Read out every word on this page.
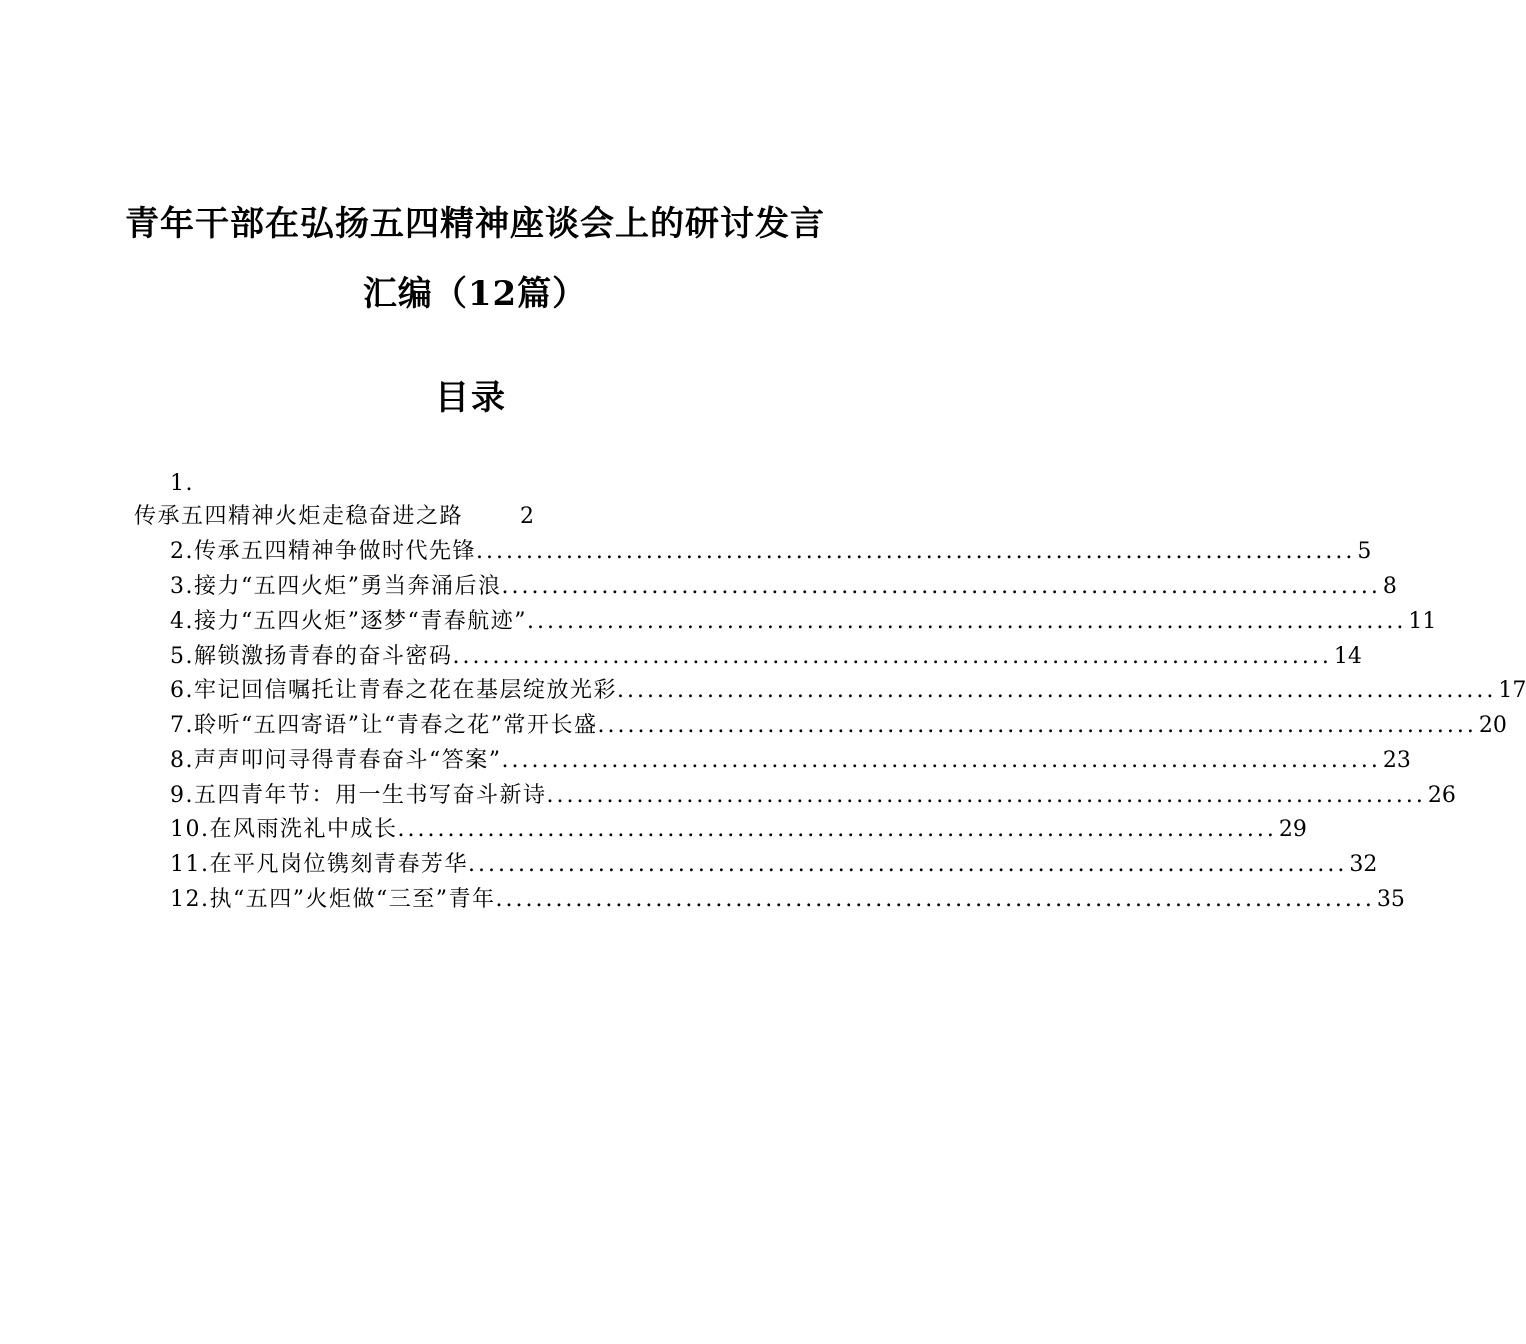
青年干部在弘扬五四精神座谈会上的研讨发言
汇编（12篇）
目录
1.
传承五四精神火炬走稳奋进之路	2
2.传承五四精神争做时代先锋 ........................................................................................ 5
3.接力“五四火炬”勇当奔涌后浪 ........................................................................................ 8
4.接力“五四火炬”逐梦“青春航迹” ........................................................................................ 11
5.解锁激扬青春的奋斗密码 ........................................................................................ 14
6.牢记回信嘱托让青春之花在基层绽放光彩 ........................................................................................ 17
7.聆听“五四寄语”让“青春之花”常开长盛 ........................................................................................ 20
8.声声叩问寻得青春奋斗“答案” ........................................................................................ 23
9.五四青年节：用一生书写奋斗新诗 ........................................................................................ 26
10.在风雨洗礼中成长 ........................................................................................ 29
11.在平凡岗位镌刻青春芳华 ........................................................................................ 32
12.执“五四”火炬做“三至”青年 ........................................................................................ 35
